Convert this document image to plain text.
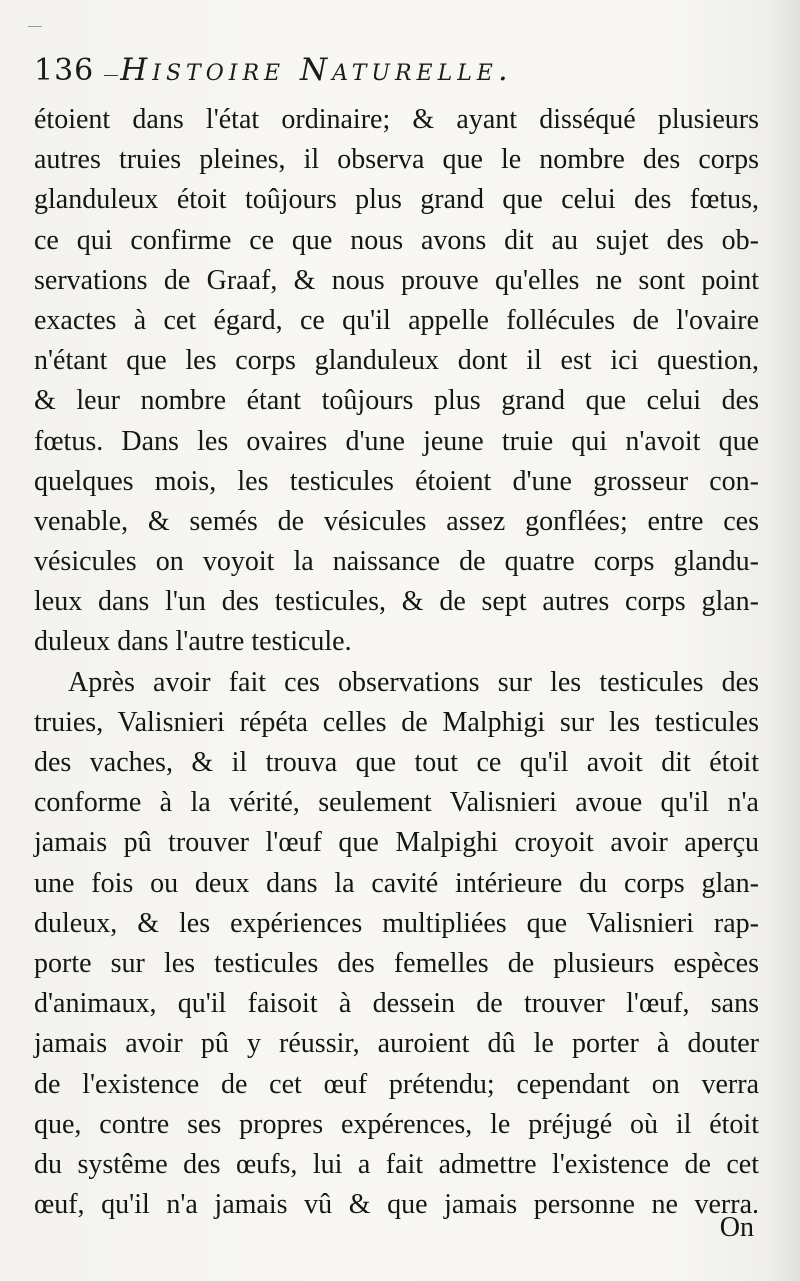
136 Histoire Naturelle.
étoient dans l'état ordinaire; & ayant disséqué plusieurs
autres truies pleines, il observa que le nombre des corps
glanduleux étoit toûjours plus grand que celui des fœtus,
ce qui confirme ce que nous avons dit au sujet des ob-
servations de Graaf, & nous prouve qu'elles ne sont point
exactes à cet égard, ce qu'il appelle follécules de l'ovaire
n'étant que les corps glanduleux dont il est ici question,
& leur nombre étant toûjours plus grand que celui des
fœtus. Dans les ovaires d'une jeune truie qui n'avoit que
quelques mois, les testicules étoient d'une grosseur con-
venable, & semés de vésicules assez gonflées; entre ces
vésicules on voyoit la naissance de quatre corps glandu-
leux dans l'un des testicules, & de sept autres corps glan-
duleux dans l'autre testicule.
Après avoir fait ces observations sur les testicules des
truies, Valisnieri répéta celles de Malphigi sur les testicules
des vaches, & il trouva que tout ce qu'il avoit dit étoit
conforme à la vérité, seulement Valisnieri avoue qu'il n'a
jamais pû trouver l'œuf que Malpighi croyoit avoir aperçu
une fois ou deux dans la cavité intérieure du corps glan-
duleux, & les expériences multipliées que Valisnieri rap-
porte sur les testicules des femelles de plusieurs espèces
d'animaux, qu'il faisoit à dessein de trouver l'œuf, sans
jamais avoir pû y réussir, auroient dû le porter à douter
de l'existence de cet œuf prétendu; cependant on verra
que, contre ses propres expérences, le préjugé où il étoit
du systême des œufs, lui a fait admettre l'existence de cet
œuf, qu'il n'a jamais vû & que jamais personne ne verra.
On
